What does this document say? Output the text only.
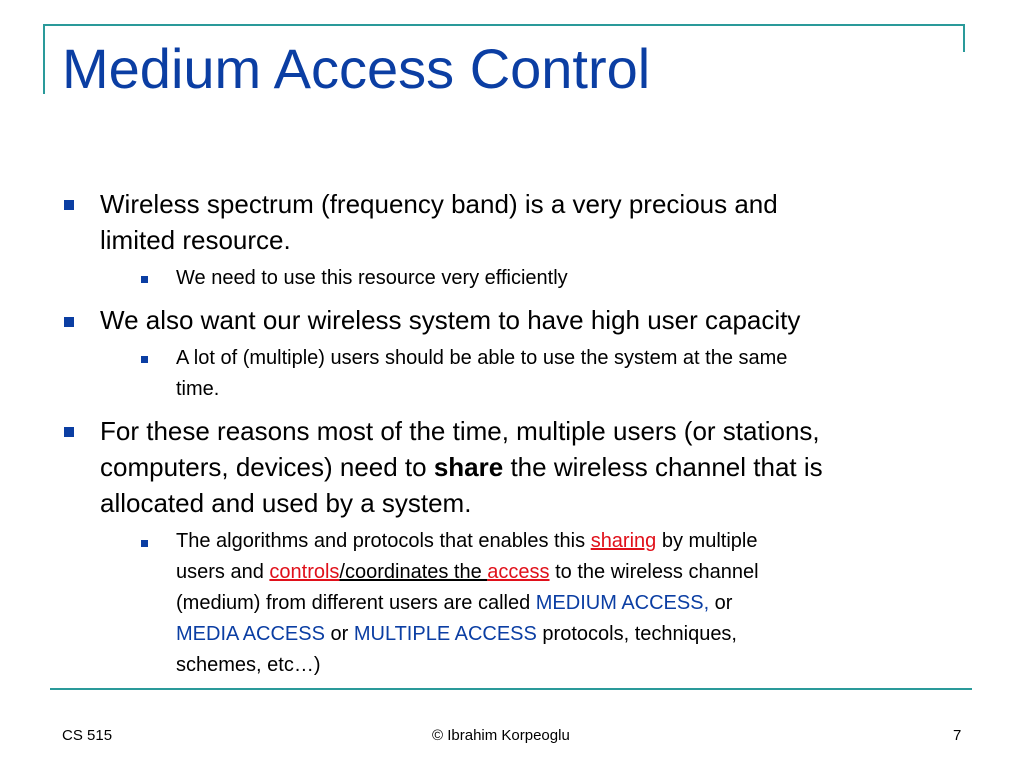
Medium Access Control
Wireless spectrum (frequency band) is a very precious and
limited resource.
We need to use this resource very efficiently
We also want our wireless system to have high user capacity
A lot of (multiple) users should be able to use the system at the same
time.
For these reasons most of the time, multiple users (or stations,
computers, devices) need to share the wireless channel that is
allocated and used by a system.
The algorithms and protocols that enables this sharing by multiple
users and controls/coordinates the access to the wireless channel
(medium) from different users are called MEDIUM ACCESS, or
MEDIA ACCESS or MULTIPLE ACCESS protocols, techniques,
schemes, etc…)
CS 515	© Ibrahim Korpeoglu	7
